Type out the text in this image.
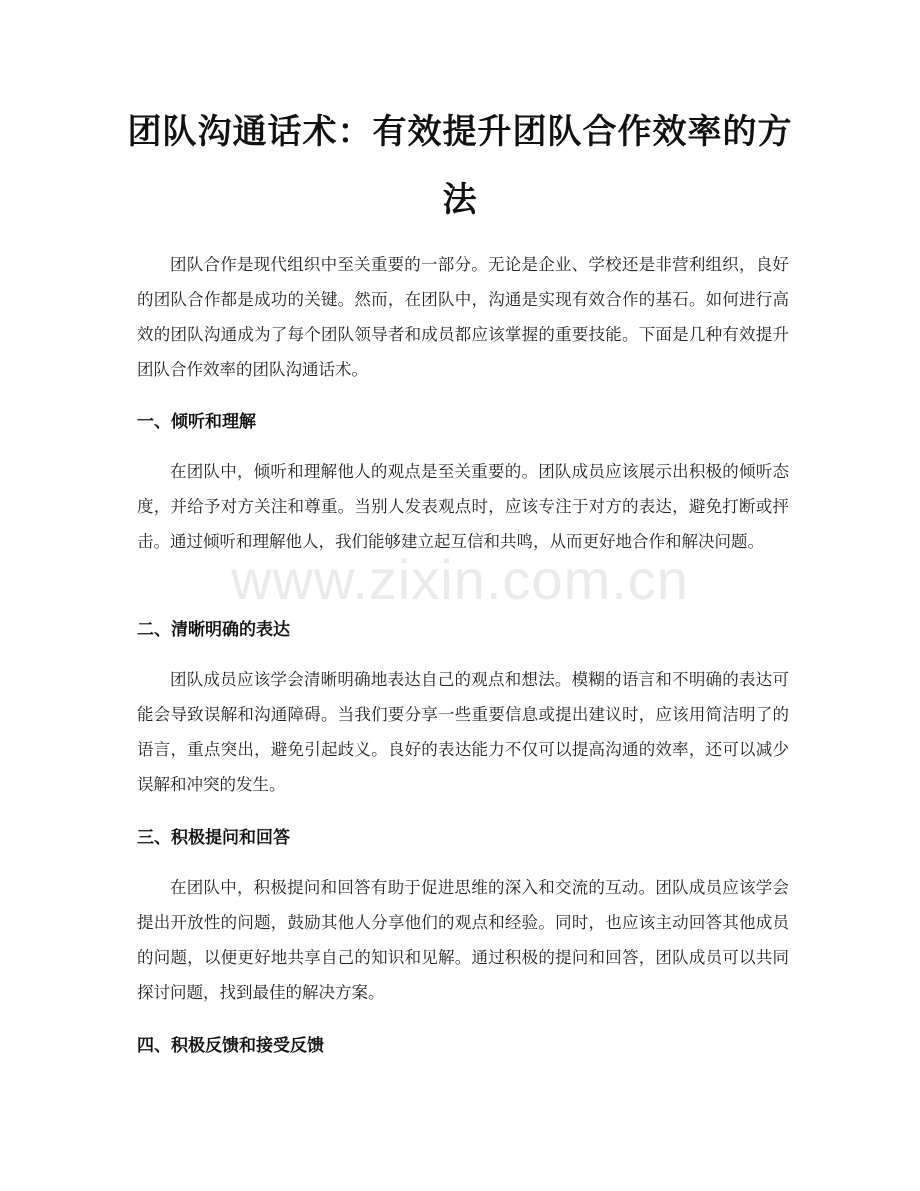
团队沟通话术：有效提升团队合作效率的方法

团队合作是现代组织中至关重要的一部分。无论是企业、学校还是非营利组织，良好的团队合作都是成功的关键。然而，在团队中，沟通是实现有效合作的基石。如何进行高效的团队沟通成为了每个团队领导者和成员都应该掌握的重要技能。下面是几种有效提升团队合作效率的团队沟通话术。

一、倾听和理解

在团队中，倾听和理解他人的观点是至关重要的。团队成员应该展示出积极的倾听态度，并给予对方关注和尊重。当别人发表观点时，应该专注于对方的表达，避免打断或抨击。通过倾听和理解他人，我们能够建立起互信和共鸣，从而更好地合作和解决问题。

二、清晰明确的表达

团队成员应该学会清晰明确地表达自己的观点和想法。模糊的语言和不明确的表达可能会导致误解和沟通障碍。当我们要分享一些重要信息或提出建议时，应该用简洁明了的语言，重点突出，避免引起歧义。良好的表达能力不仅可以提高沟通的效率，还可以减少误解和冲突的发生。

三、积极提问和回答

在团队中，积极提问和回答有助于促进思维的深入和交流的互动。团队成员应该学会提出开放性的问题，鼓励其他人分享他们的观点和经验。同时，也应该主动回答其他成员的问题，以便更好地共享自己的知识和见解。通过积极的提问和回答，团队成员可以共同探讨问题，找到最佳的解决方案。

四、积极反馈和接受反馈
www.zixin.com.cn
